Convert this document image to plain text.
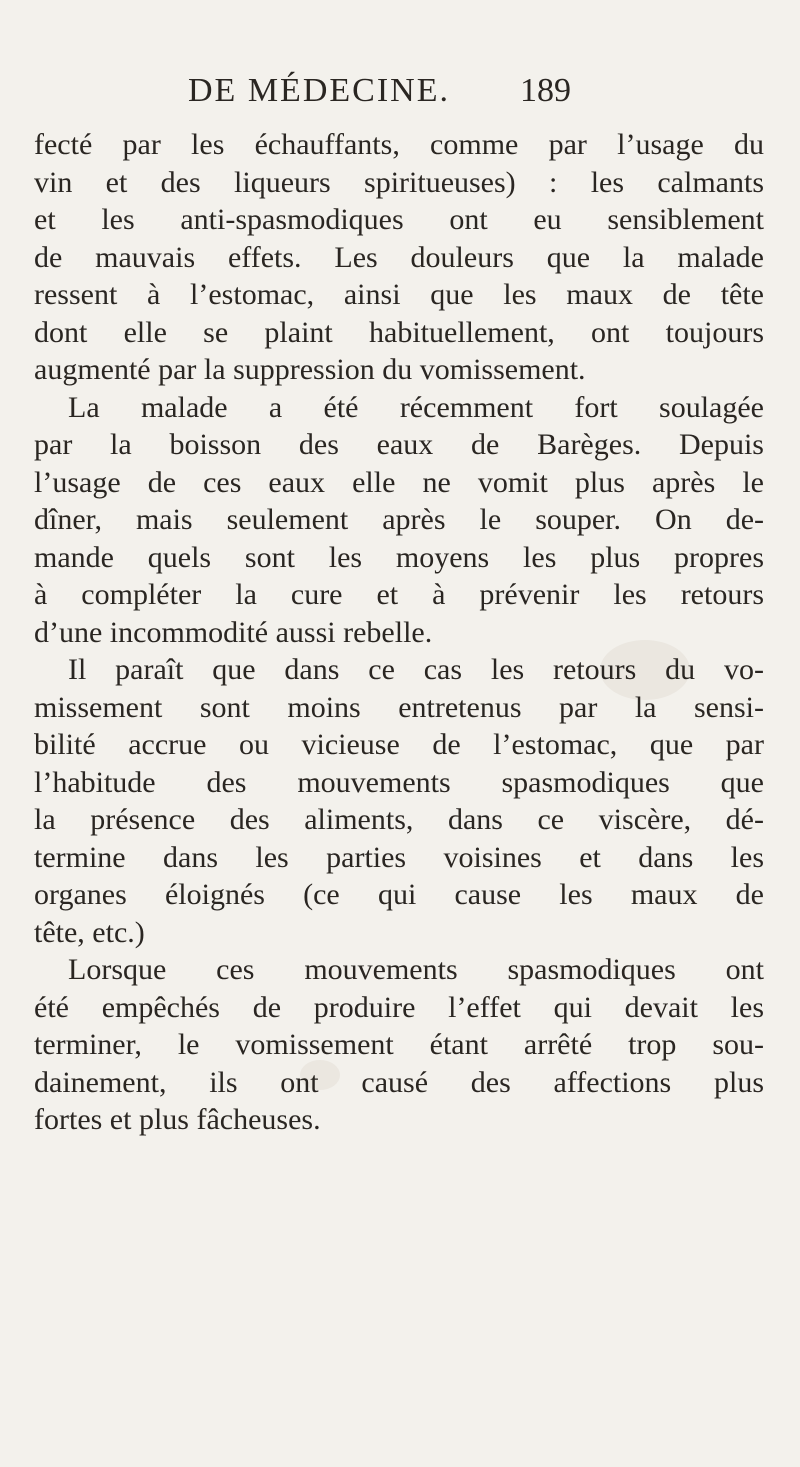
DE MÉDECINE. 189
fecté par les échauffants, comme par l’usage du
vin et des liqueurs spiritueuses) : les calmants
et les anti-spasmodiques ont eu sensiblement
de mauvais effets. Les douleurs que la malade
ressent à l’estomac, ainsi que les maux de tête
dont elle se plaint habituellement, ont toujours
augmenté par la suppression du vomissement.
La malade a été récemment fort soulagée
par la boisson des eaux de Barèges. Depuis
l’usage de ces eaux elle ne vomit plus après le
dîner, mais seulement après le souper. On de-
mande quels sont les moyens les plus propres
à compléter la cure et à prévenir les retours
d’une incommodité aussi rebelle.
Il paraît que dans ce cas les retours du vo-
missement sont moins entretenus par la sensi-
bilité accrue ou vicieuse de l’estomac, que par
l’habitude des mouvements spasmodiques que
la présence des aliments, dans ce viscère, dé-
termine dans les parties voisines et dans les
organes éloignés (ce qui cause les maux de
tête, etc.)
Lorsque ces mouvements spasmodiques ont
été empêchés de produire l’effet qui devait les
terminer, le vomissement étant arrêté trop sou-
dainement, ils ont causé des affections plus
fortes et plus fâcheuses.
